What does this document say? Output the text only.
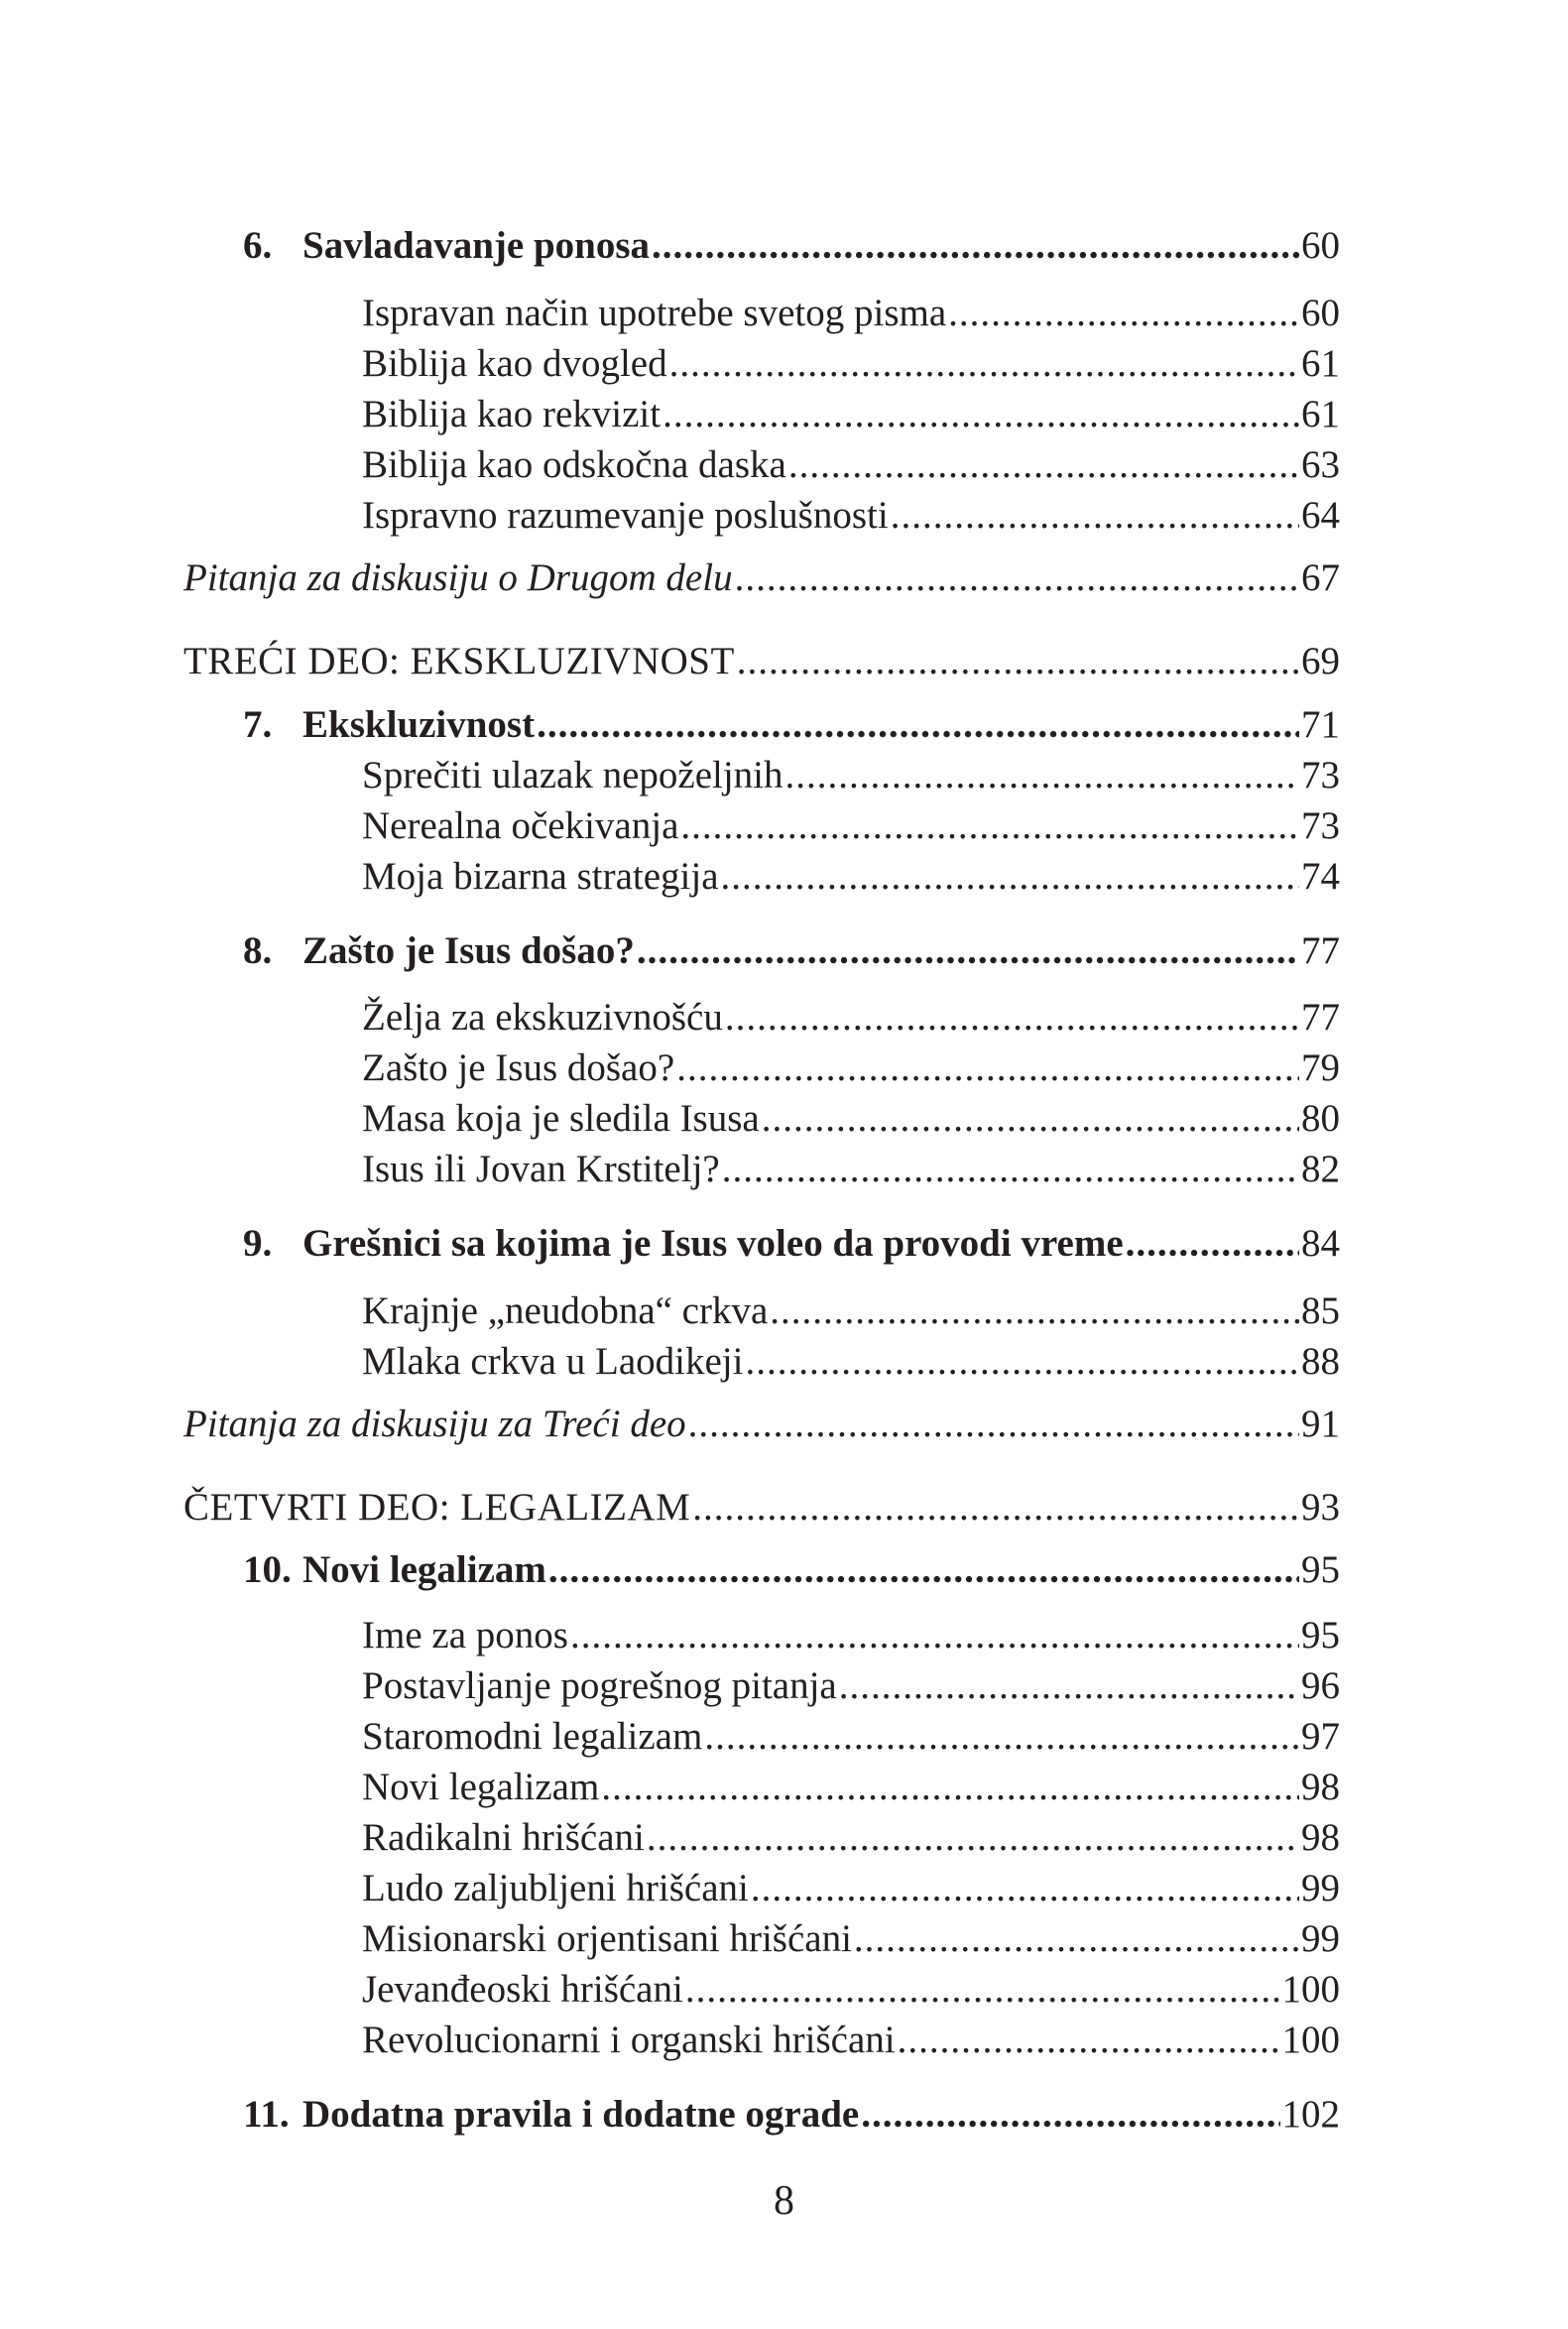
6. Savladavanje ponosa .....	60
Ispravan način upotrebe svetog pisma .....	60
Biblija kao dvogled .....	61
Biblija kao rekvizit .....	61
Biblija kao odskočna daska .....	63
Ispravno razumevanje poslušnosti .....	64
Pitanja za diskusiju o Drugom delu .....	67
TREĆI DEO: EKSKLUZIVNOST .....	69
7. Ekskluzivnost .....	71
Sprečiti ulazak nepoželjnih .....	73
Nerealna očekivanja .....	73
Moja bizarna strategija .....	74
8. Zašto je Isus došao? .....	77
Želja za ekskuzivnošću .....	77
Zašto je Isus došao? .....	79
Masa koja je sledila Isusa .....	80
Isus ili Jovan Krstitelj? .....	82
9. Grešnici sa kojima je Isus voleo da provodi vreme .....	84
Krajnje „neudobna“ crkva .....	85
Mlaka crkva u Laodikeji .....	88
Pitanja za diskusiju za Treći deo .....	91
ČETVRTI DEO: LEGALIZAM .....	93
10. Novi legalizam .....	95
Ime za ponos .....	95
Postavljanje pogrešnog pitanja .....	96
Staromodni legalizam .....	97
Novi legalizam .....	98
Radikalni hrišćani .....	98
Ludo zaljubljeni hrišćani .....	99
Misionarski orjentisani hrišćani .....	99
Jevanđeoski hrišćani .....	100
Revolucionarni i organski hrišćani .....	100
11. Dodatna pravila i dodatne ograde .....	102
8
